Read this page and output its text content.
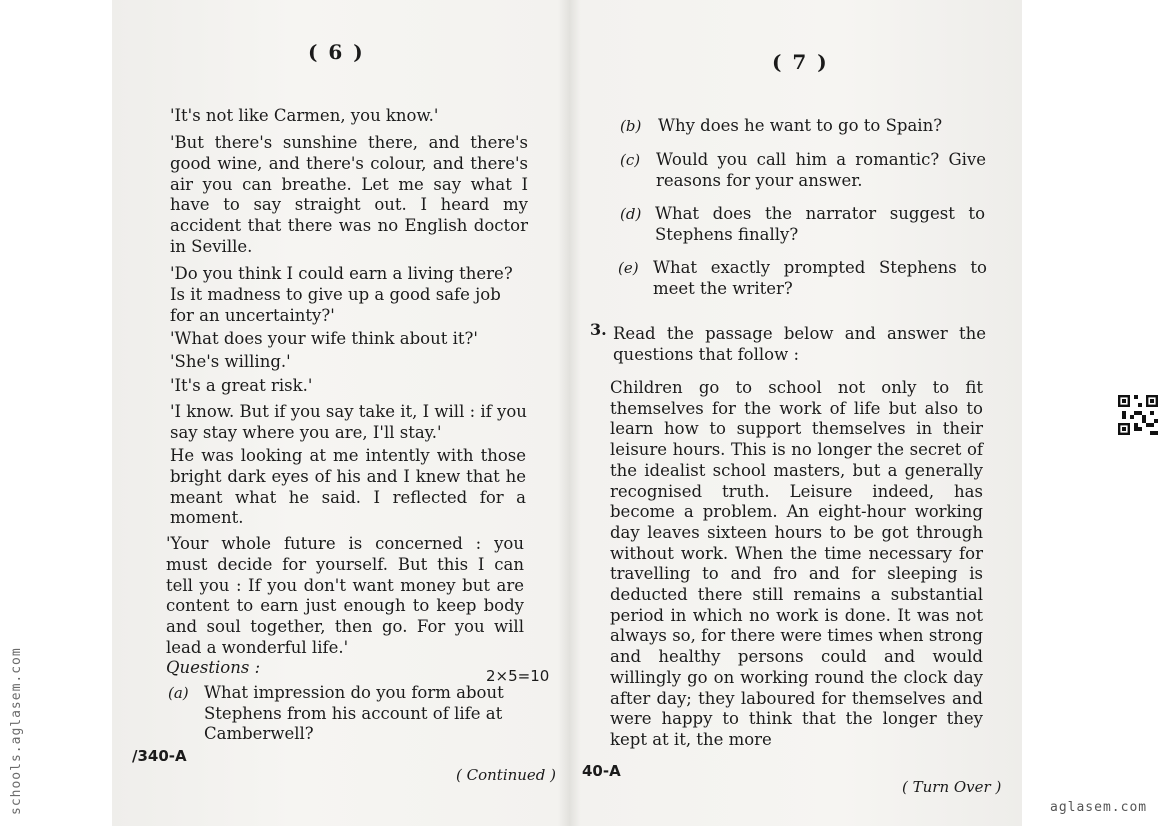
( 6 )

'It's not like Carmen, you know.'

'But there's sunshine there, and there's good wine, and there's colour, and there's air you can breathe. Let me say what I have to say straight out. I heard my accident that there was no English doctor in Seville.

'Do you think I could earn a living there? Is it madness to give up a good safe job for an uncertainty?'

'What does your wife think about it?'

'She's willing.'

'It's a great risk.'

'I know. But if you say take it, I will : if you say stay where you are, I'll stay.'

He was looking at me intently with those bright dark eyes of his and I knew that he meant what he said. I reflected for a moment.

'Your whole future is concerned : you must decide for yourself. But this I can tell you : If you don't want money but are content to earn just enough to keep body and soul together, then go. For you will lead a wonderful life.'

Questions :	2×5=10
(a) What impression do you form about Stephens from his account of life at Camberwell?
/340-A
( Continued )
( 7 )
(b) Why does he want to go to Spain?
(c) Would you call him a romantic? Give reasons for your answer.
(d) What does the narrator suggest to Stephens finally?
(e) What exactly prompted Stephens to meet the writer?
3. Read the passage below and answer the questions that follow :

Children go to school not only to fit themselves for the work of life but also to learn how to support themselves in their leisure hours. This is no longer the secret of the idealist school masters, but a generally recognised truth. Leisure indeed, has become a problem. An eight-hour working day leaves sixteen hours to be got through without work. When the time necessary for travelling to and fro and for sleeping is deducted there still remains a substantial period in which no work is done. It was not always so, for there were times when strong and healthy persons could and would willingly go on working round the clock day after day; they laboured for themselves and were happy to think that the longer they kept at it, the more

40-A
( Turn Over )
schools.aglasem.com	aglasem.com
